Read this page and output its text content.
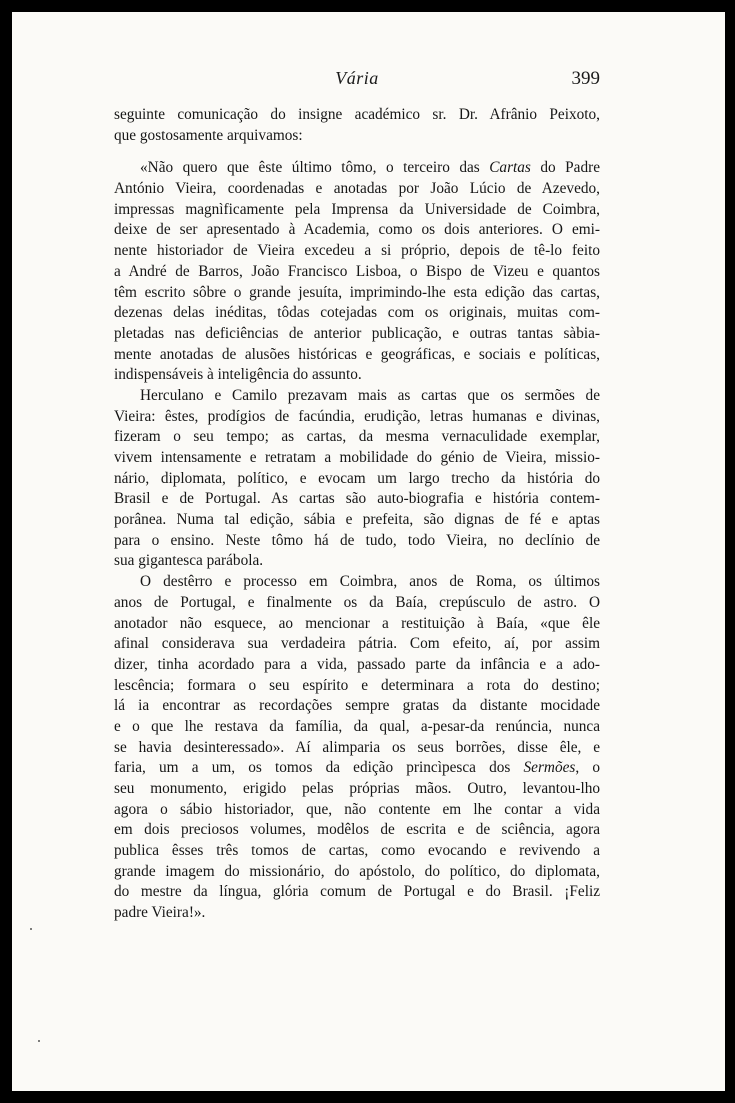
Vária	399
seguinte comunicação do insigne académico sr. Dr. Afrânio Peixoto,
que gostosamente arquivamos:
«Não quero que êste último tômo, o terceiro das Cartas do Padre
António Vieira, coordenadas e anotadas por João Lúcio de Azevedo,
impressas magnìficamente pela Imprensa da Universidade de Coimbra,
deixe de ser apresentado à Academia, como os dois anteriores. O emi-
nente historiador de Vieira excedeu a si próprio, depois de tê-lo feito
a André de Barros, João Francisco Lisboa, o Bispo de Vizeu e quantos
têm escrito sôbre o grande jesuíta, imprimindo-lhe esta edição das cartas,
dezenas delas inéditas, tôdas cotejadas com os originais, muitas com-
pletadas nas deficiências de anterior publicação, e outras tantas sàbia-
mente anotadas de alusões históricas e geográficas, e sociais e políticas,
indispensáveis à inteligência do assunto.
Herculano e Camilo prezavam mais as cartas que os sermões de
Vieira: êstes, prodígios de facúndia, erudição, letras humanas e divinas,
fizeram o seu tempo; as cartas, da mesma vernaculidade exemplar,
vivem intensamente e retratam a mobilidade do génio de Vieira, missio-
nário, diplomata, político, e evocam um largo trecho da história do
Brasil e de Portugal. As cartas são auto-biografia e história contem-
porânea. Numa tal edição, sábia e prefeita, são dignas de fé e aptas
para o ensino. Neste tômo há de tudo, todo Vieira, no declínio de
sua gigantesca parábola.
O destêrro e processo em Coimbra, anos de Roma, os últimos
anos de Portugal, e finalmente os da Baía, crepúsculo de astro. O
anotador não esquece, ao mencionar a restituição à Baía, «que êle
afinal considerava sua verdadeira pátria. Com efeito, aí, por assim
dizer, tinha acordado para a vida, passado parte da infância e a ado-
lescência; formara o seu espírito e determinara a rota do destino;
lá ia encontrar as recordações sempre gratas da distante mocidade
e o que lhe restava da família, da qual, a-pesar-da renúncia, nunca
se havia desinteressado». Aí alimparia os seus borrões, disse êle, e
faria, um a um, os tomos da edição princìpesca dos Sermões, o
seu monumento, erigido pelas próprias mãos. Outro, levantou-lho
agora o sábio historiador, que, não contente em lhe contar a vida
em dois preciosos volumes, modêlos de escrita e de sciência, agora
publica êsses três tomos de cartas, como evocando e revivendo a
grande imagem do missionário, do apóstolo, do político, do diplomata,
do mestre da língua, glória comum de Portugal e do Brasil. ¡Feliz
padre Vieira!».
